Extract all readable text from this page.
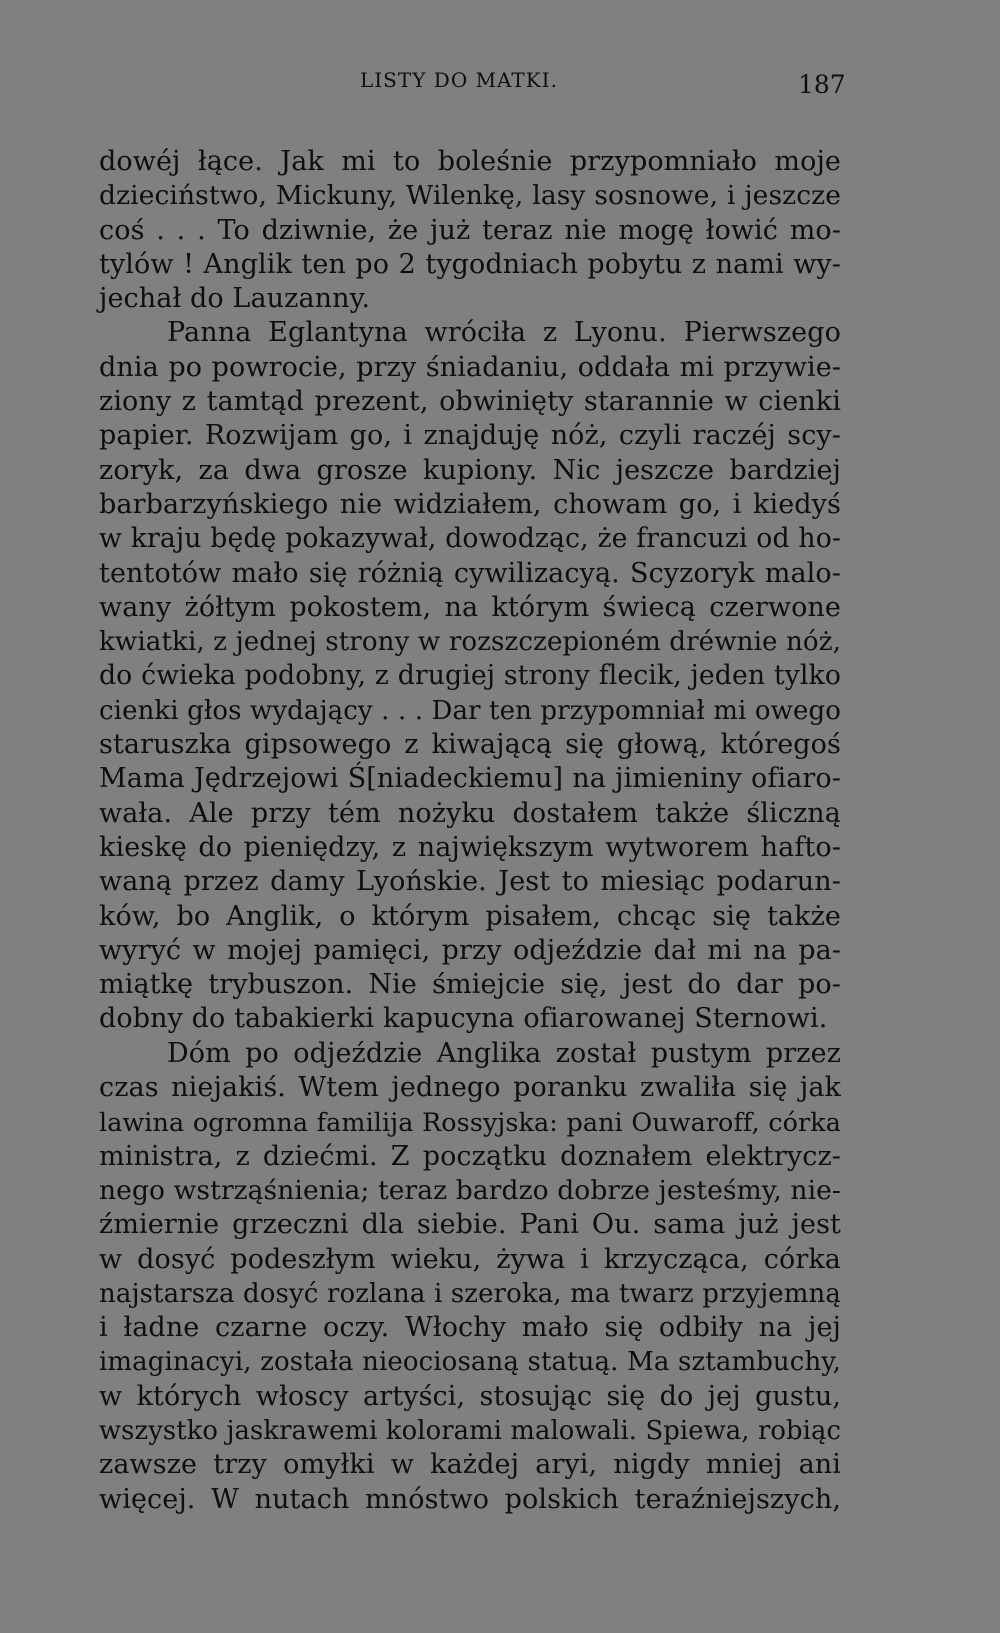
LISTY DO MATKI.	187
dowéj łące. Jak mi to boleśnie przypomniało moje
dzieciństwo, Mickuny, Wilenkę, lasy sosnowe, i jeszcze
coś . . . To dziwnie, że już teraz nie mogę łowić mo-
tylów ! Anglik ten po 2 tygodniach pobytu z nami wy-
jechał do Lauzanny.
Panna Eglantyna wróciła z Lyonu. Pierwszego
dnia po powrocie, przy śniadaniu, oddała mi przywie-
ziony z tamtąd prezent, obwinięty starannie w cienki
papier. Rozwijam go, i znajduję nóż, czyli raczéj scy-
zoryk, za dwa grosze kupiony. Nic jeszcze bardziej
barbarzyńskiego nie widziałem, chowam go, i kiedyś
w kraju będę pokazywał, dowodząc, że francuzi od ho-
tentotów mało się różnią cywilizacyą. Scyzoryk malo-
wany żółtym pokostem, na którym świecą czerwone
kwiatki, z jednej strony w rozszczepioném dréwnie nóż,
do ćwieka podobny, z drugiej strony flecik, jeden tylko
cienki głos wydający . . . Dar ten przypomniał mi owego
staruszka gipsowego z kiwającą się głową, któregoś
Mama Jędrzejowi Ś[niadeckiemu] na jimieniny ofiaro-
wała. Ale przy tém nożyku dostałem także śliczną
kieskę do pieniędzy, z największym wytworem hafto-
waną przez damy Lyońskie. Jest to miesiąc podarun-
ków, bo Anglik, o którym pisałem, chcąc się także
wyryć w mojej pamięci, przy odjeździe dał mi na pa-
miątkę trybuszon. Nie śmiejcie się, jest do dar po-
dobny do tabakierki kapucyna ofiarowanej Sternowi.
Dóm po odjeździe Anglika został pustym przez
czas niejakiś. Wtem jednego poranku zwaliła się jak
lawina ogromna familija Rossyjska: pani Ouwaroff, córka
ministra, z dziećmi. Z początku doznałem elektrycz-
nego wstrząśnienia; teraz bardzo dobrze jesteśmy, nie-
źmiernie grzeczni dla siebie. Pani Ou. sama już jest
w dosyć podeszłym wieku, żywa i krzycząca, córka
najstarsza dosyć rozlana i szeroka, ma twarz przyjemną
i ładne czarne oczy. Włochy mało się odbiły na jej
imaginacyi, została nieociosaną statuą. Ma sztambuchy,
w których włoscy artyści, stosując się do jej gustu,
wszystko jaskrawemi kolorami malowali. Spiewa, robiąc
zawsze trzy omyłki w każdej aryi, nigdy mniej ani
więcej. W nutach mnóstwo polskich teraźniejszych,
